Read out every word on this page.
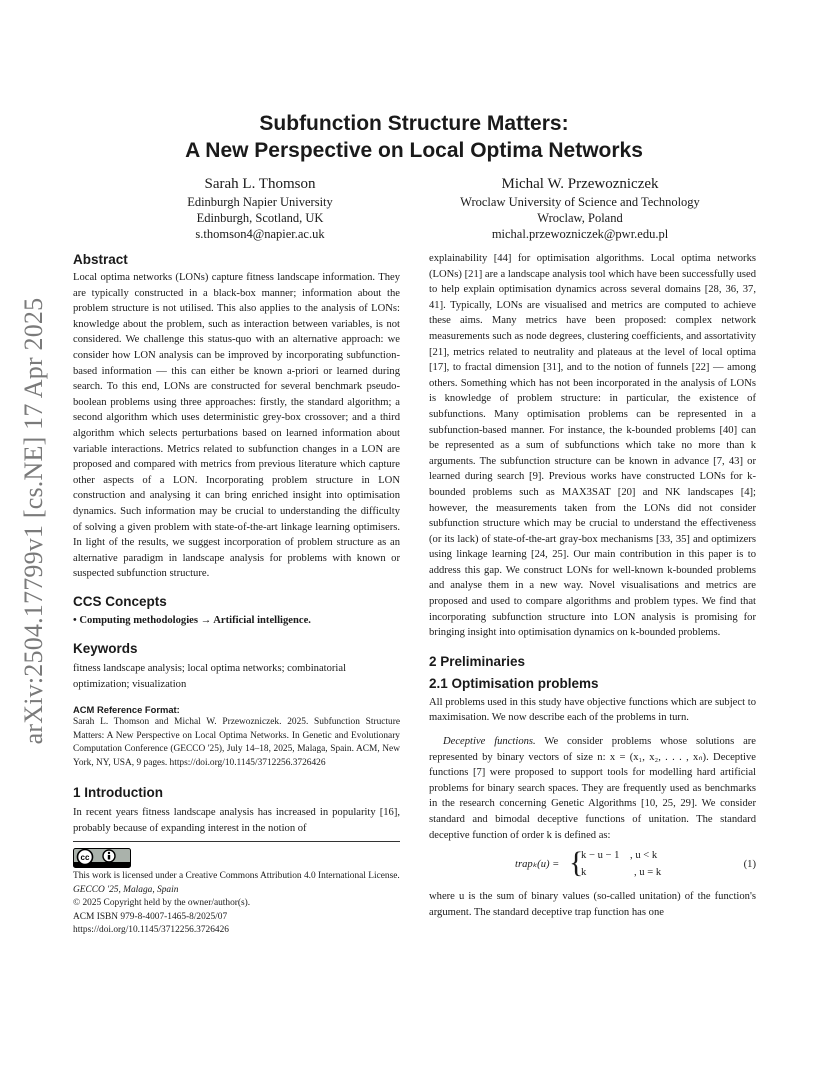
arXiv:2504.17799v1 [cs.NE] 17 Apr 2025
Subfunction Structure Matters:
A New Perspective on Local Optima Networks
Sarah L. Thomson
Edinburgh Napier University
Edinburgh, Scotland, UK
s.thomson4@napier.ac.uk
Michal W. Przewozniczek
Wroclaw University of Science and Technology
Wroclaw, Poland
michal.przewozniczek@pwr.edu.pl
Abstract

Local optima networks (LONs) capture fitness landscape information. They are typically constructed in a black-box manner; information about the problem structure is not utilised. This also applies to the analysis of LONs: knowledge about the problem, such as interaction between variables, is not considered. We challenge this status-quo with an alternative approach: we consider how LON analysis can be improved by incorporating subfunction-based information — this can either be known a-priori or learned during search. To this end, LONs are constructed for several benchmark pseudo-boolean problems using three approaches: firstly, the standard algorithm; a second algorithm which uses deterministic grey-box crossover; and a third algorithm which selects perturbations based on learned information about variable interactions. Metrics related to subfunction changes in a LON are proposed and compared with metrics from previous literature which capture other aspects of a LON. Incorporating problem structure in LON construction and analysing it can bring enriched insight into optimisation dynamics. Such information may be crucial to understanding the difficulty of solving a given problem with state-of-the-art linkage learning optimisers. In light of the results, we suggest incorporation of problem structure as an alternative paradigm in landscape analysis for problems with known or suspected subfunction structure.

CCS Concepts

• Computing methodologies → Artificial intelligence.

Keywords

fitness landscape analysis; local optima networks; combinatorial optimization; visualization

ACM Reference Format:

Sarah L. Thomson and Michal W. Przewozniczek. 2025. Subfunction Structure Matters: A New Perspective on Local Optima Networks. In Genetic and Evolutionary Computation Conference (GECCO '25), July 14–18, 2025, Malaga, Spain. ACM, New York, NY, USA, 9 pages. https://doi.org/10.1145/3712256.3726426

1 Introduction

In recent years fitness landscape analysis has increased in popularity [16], probably because of expanding interest in the notion of

cc

This work is licensed under a Creative Commons Attribution 4.0 International License.

GECCO '25, Malaga, Spain

© 2025 Copyright held by the owner/author(s).

ACM ISBN 979-8-4007-1465-8/2025/07

https://doi.org/10.1145/3712256.3726426

explainability [44] for optimisation algorithms. Local optima networks (LONs) [21] are a landscape analysis tool which have been successfully used to help explain optimisation dynamics across several domains [28, 36, 37, 41]. Typically, LONs are visualised and metrics are computed to achieve these aims. Many metrics have been proposed: complex network measurements such as node degrees, clustering coefficients, and assortativity [21], metrics related to neutrality and plateaus at the level of local optima [17], to fractal dimension [31], and to the notion of funnels [22] — among others. Something which has not been incorporated in the analysis of LONs is knowledge of problem structure: in particular, the existence of subfunctions. Many optimisation problems can be represented in a subfunction-based manner. For instance, the k-bounded problems [40] can be represented as a sum of subfunctions which take no more than k arguments. The subfunction structure can be known in advance [7, 43] or learned during search [9]. Previous works have constructed LONs for k-bounded problems such as MAX3SAT [20] and NK landscapes [4]; however, the measurements taken from the LONs did not consider subfunction structure which may be crucial to understand the effectiveness (or its lack) of state-of-the-art gray-box mechanisms [33, 35] and optimizers using linkage learning [24, 25]. Our main contribution in this paper is to address this gap. We construct LONs for well-known k-bounded problems and analyse them in a new way. Novel visualisations and metrics are proposed and used to compare algorithms and problem types. We find that incorporating subfunction structure into LON analysis is promising for bringing insight into optimisation dynamics on k-bounded problems.

2 Preliminaries
2.1 Optimisation problems

All problems used in this study have objective functions which are subject to maximisation. We now describe each of the problems in turn.

Deceptive functions. We consider problems whose solutions are represented by binary vectors of size n: x = (x₁, x₂, . . . , xₙ). Deceptive functions [7] were proposed to support tools for modelling hard artificial problems for binary search spaces. They are frequently used as benchmarks in the research concerning Genetic Algorithms [10, 25, 29]. We consider standard and bimodal deceptive functions of unitation. The standard deceptive function of order k is defined as:

trapₖ(u) = {
k − u − 1    , u < k
k                  , u = k
(1)

where u is the sum of binary values (so-called unitation) of the function's argument. The standard deceptive trap function has one
